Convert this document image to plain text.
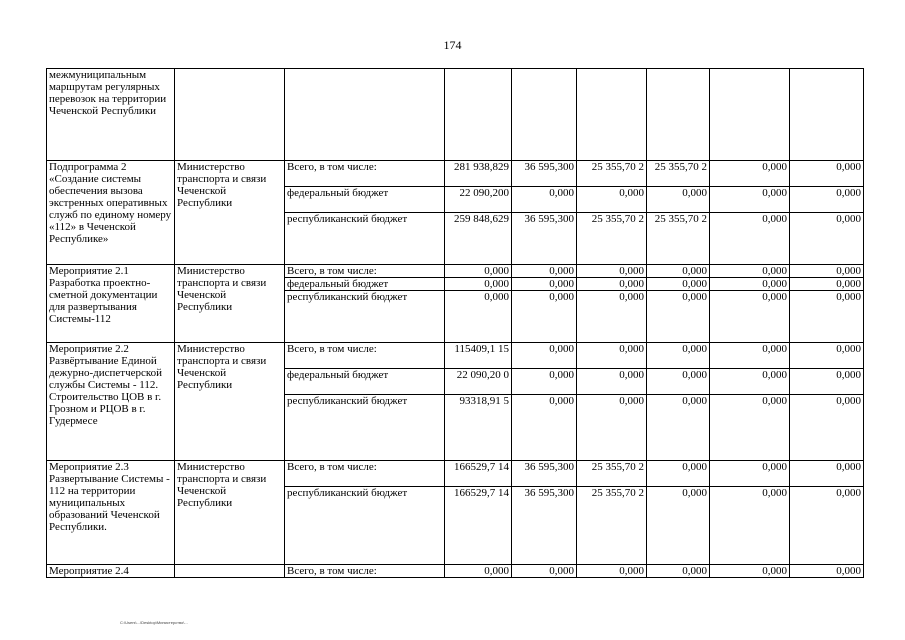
174
межмуниципальным маршрутам регулярных перевозок на территории Чеченской Республики								
Подпрограмма 2 «Создание системы обеспечения вызова экстренных оперативных служб по единому номеру «112» в Чеченской Республике»	Министерство транспорта и связи Чеченской Республики	Всего, в том числе:	281 938,829	36 595,300	25 355,70 2	25 355,70 2	0,000	0,000
		федеральный бюджет	22 090,200	0,000	0,000	0,000	0,000	0,000
		республиканский бюджет	259 848,629	36 595,300	25 355,70 2	25 355,70 2	0,000	0,000
Мероприятие 2.1 Разработка проектно-сметной документации для развертывания Системы-112	Министерство транспорта и связи Чеченской Республики	Всего, в том числе:	0,000	0,000	0,000	0,000	0,000	0,000
		федеральный бюджет	0,000	0,000	0,000	0,000	0,000	0,000
		республиканский бюджет	0,000	0,000	0,000	0,000	0,000	0,000
Мероприятие 2.2 Развёртывание Единой дежурно-диспетчерской службы Системы - 112. Строительство ЦОВ в г. Грозном и РЦОВ в г. Гудермесе	Министерство транспорта и связи Чеченской Республики	Всего, в том числе:	115409,1 15	0,000	0,000	0,000	0,000	0,000
		федеральный бюджет	22 090,20 0	0,000	0,000	0,000	0,000	0,000
		республиканский бюджет	93318,91 5	0,000	0,000	0,000	0,000	0,000
Мероприятие 2.3 Развертывание Системы - 112 на территории муниципальных образований Чеченской Республики.	Министерство транспорта и связи Чеченской Республики	Всего, в том числе:	166529,7 14	36 595,300	25 355,70 2	0,000	0,000	0,000
		республиканский бюджет	166529,7 14	36 595,300	25 355,70 2	0,000	0,000	0,000
Мероприятие 2.4		Всего, в том числе:	0,000	0,000	0,000	0,000	0,000	0,000
C:\Users\...\Desktop\Министерство\...
